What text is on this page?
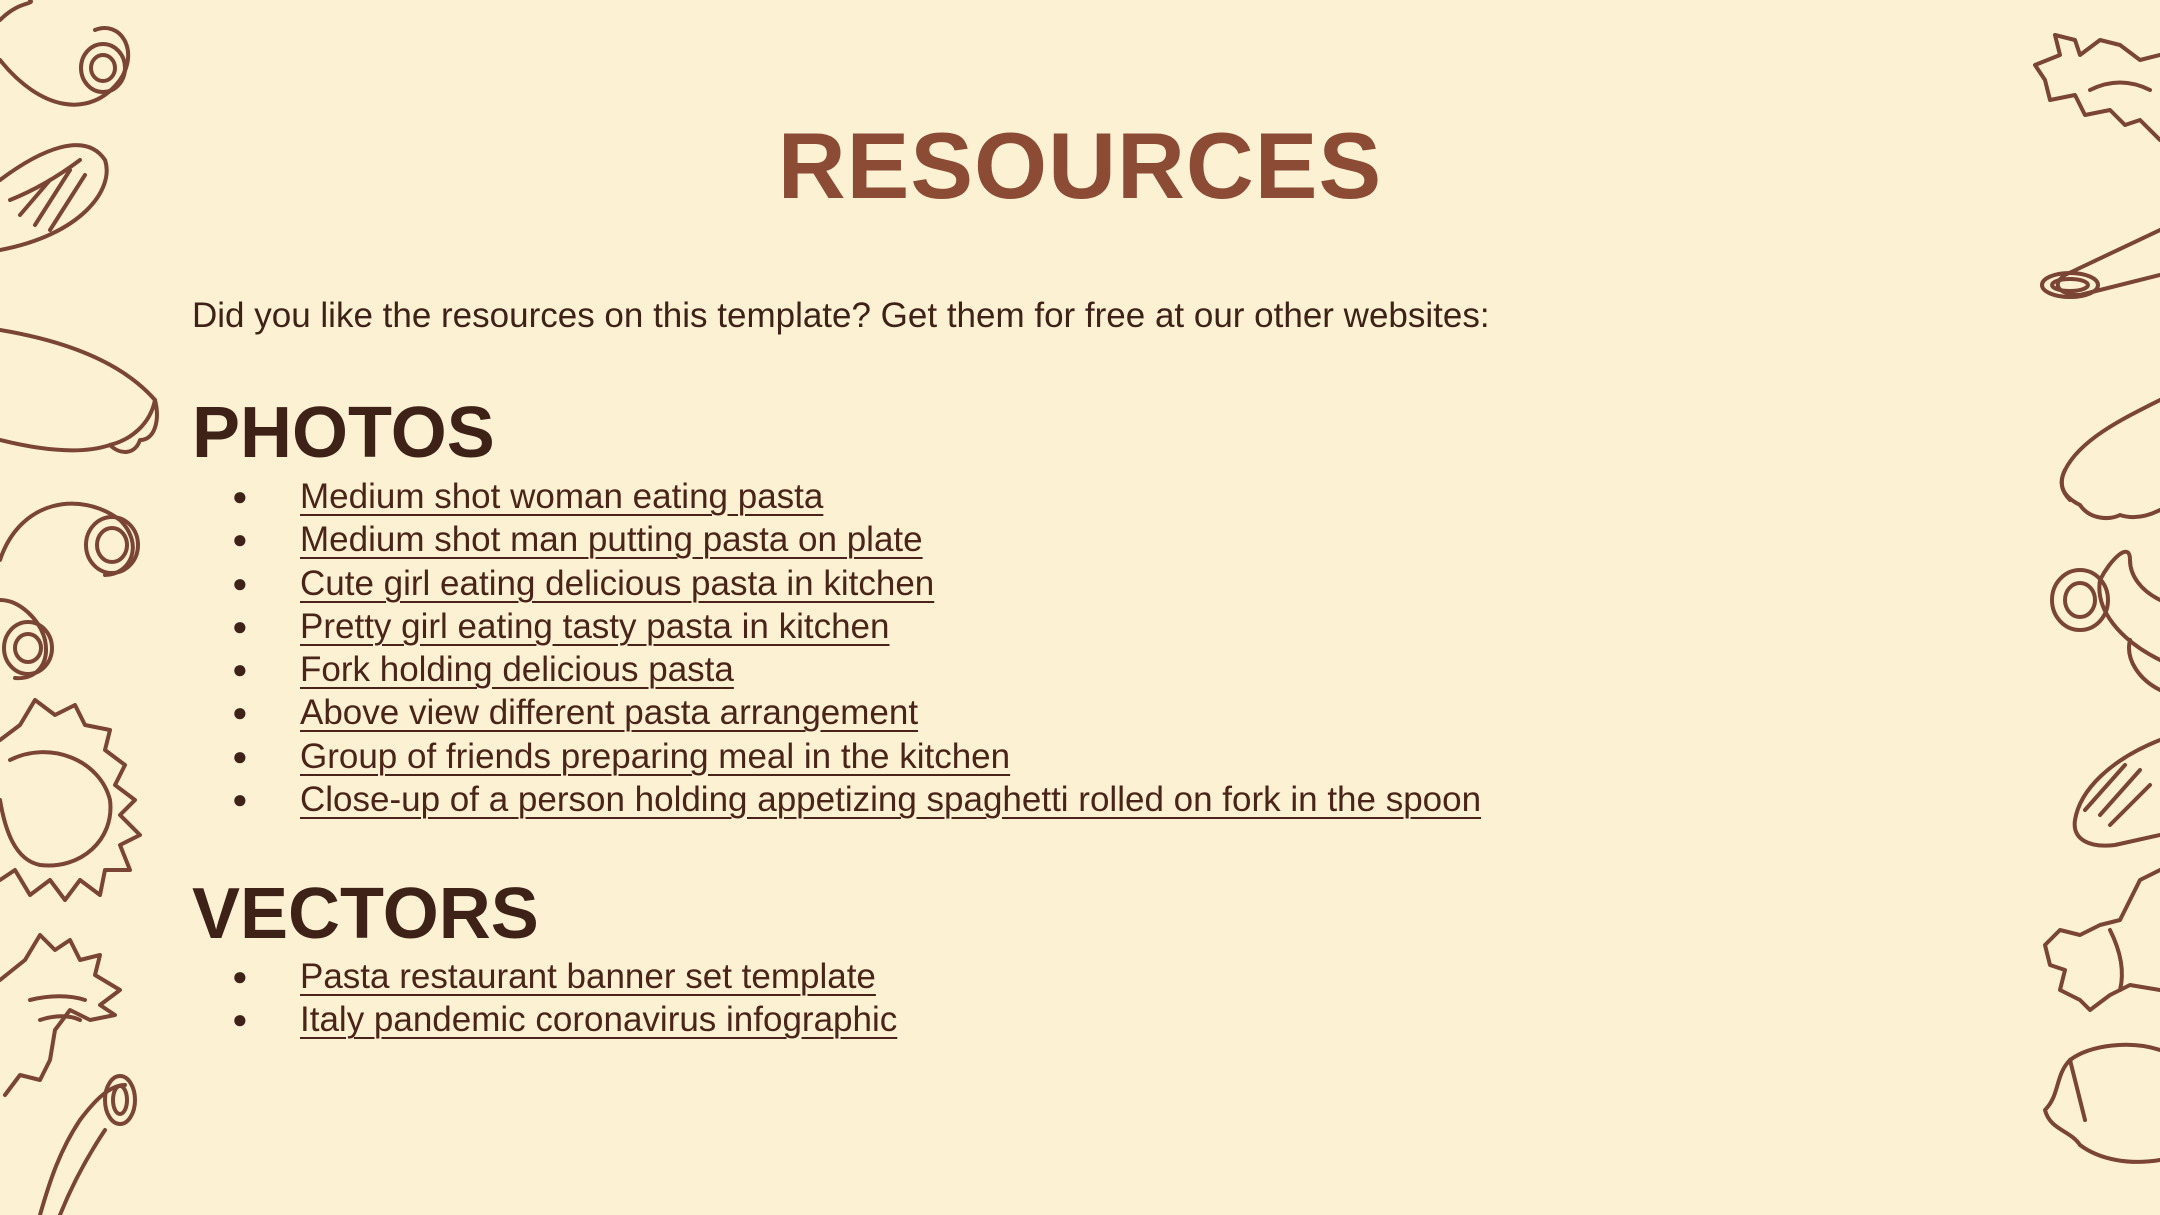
RESOURCES

Did you like the resources on this template? Get them for free at our other websites:

PHOTOS
● Medium shot woman eating pasta
● Medium shot man putting pasta on plate
● Cute girl eating delicious pasta in kitchen
● Pretty girl eating tasty pasta in kitchen
● Fork holding delicious pasta
● Above view different pasta arrangement
● Group of friends preparing meal in the kitchen
● Close-up of a person holding appetizing spaghetti rolled on fork in the spoon
VECTORS
● Pasta restaurant banner set template
● Italy pandemic coronavirus infographic
